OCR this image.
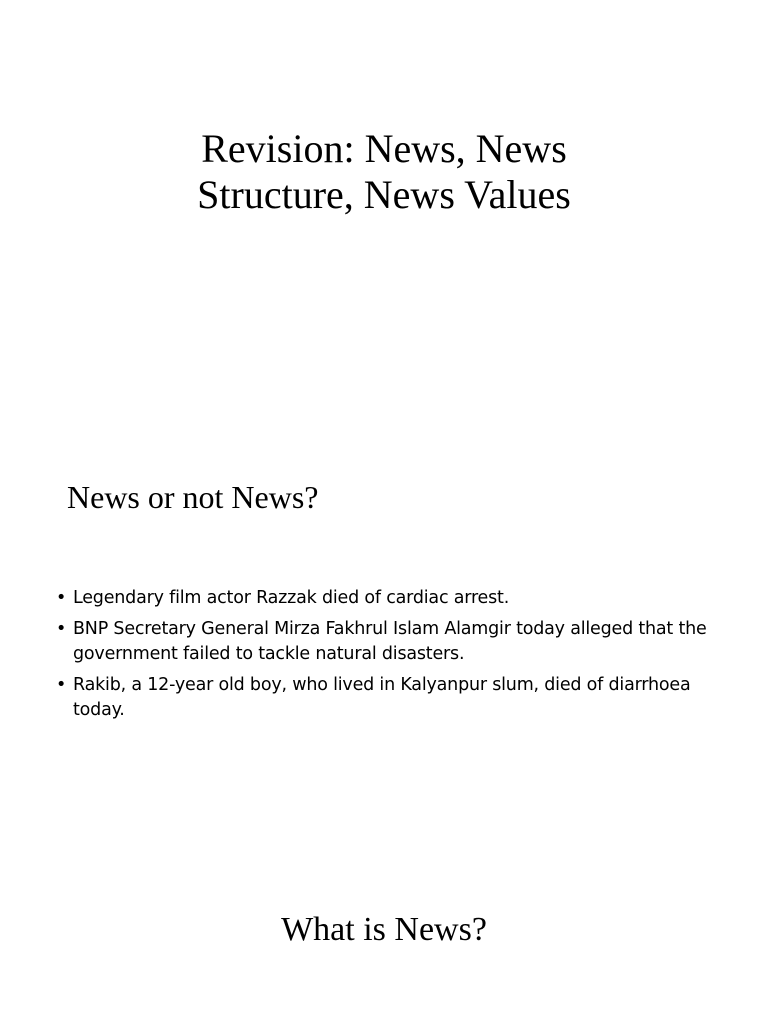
Revision: News, News
Structure, News Values
News or not News?
• Legendary film actor Razzak died of cardiac arrest.
• BNP Secretary General Mirza Fakhrul Islam Alamgir today alleged that the government failed to tackle natural disasters.
• Rakib, a 12-year old boy, who lived in Kalyanpur slum, died of diarrhoea today.
What is News?
